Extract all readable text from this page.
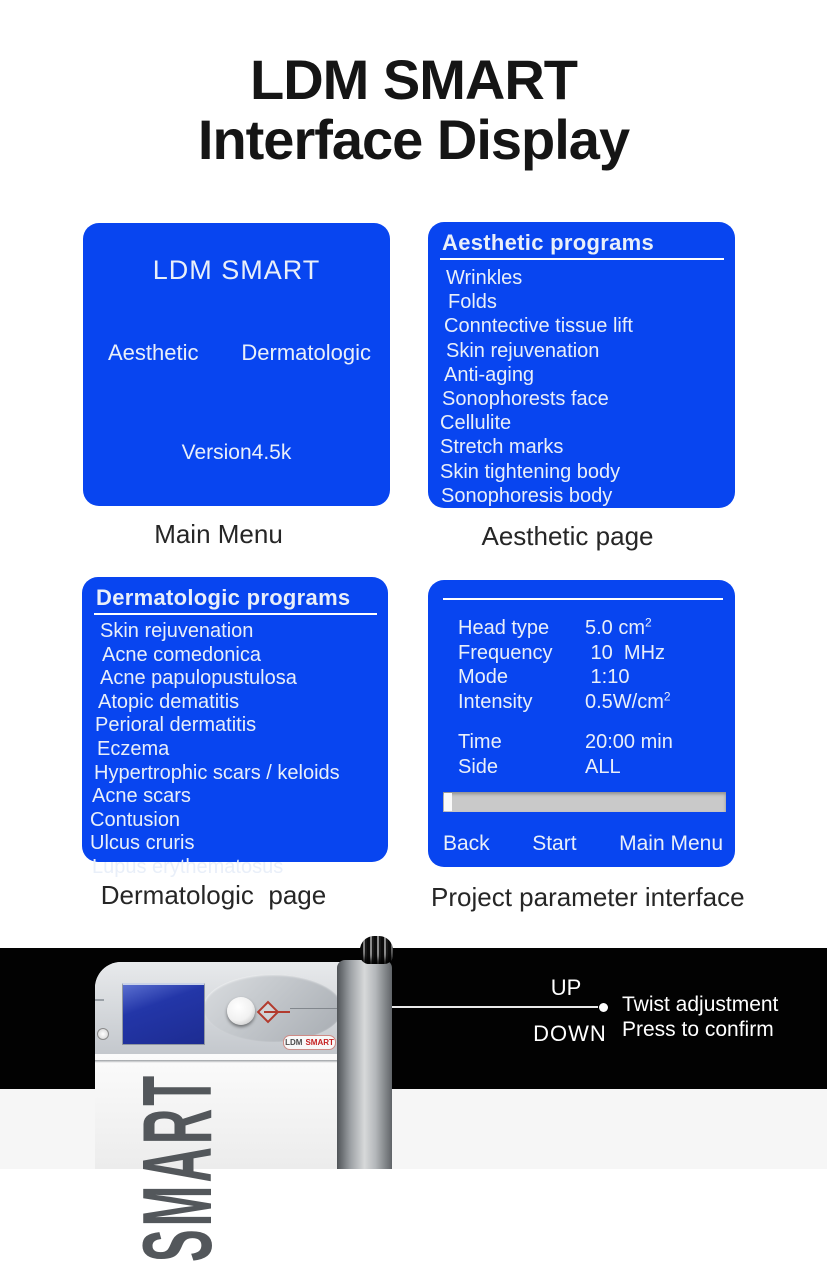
LDM SMART
Interface Display
LDM SMART
Aesthetic Dermatologic
Version4.5k
Main Menu
Aesthetic programs
Wrinkles
Folds
Conntective tissue lift
Skin rejuvenation
Anti-aging
Sonophorests face
Cellulite
Stretch marks
Skin tightening body
Sonophoresis body
Aesthetic page
Dermatologic programs
Skin rejuvenation
Acne comedonica
Acne papulopustulosa
Atopic dematitis
Perioral dermatitis
Eczema
Hypertrophic scars / keloids
Acne scars
Contusion
Ulcus cruris
Lupus erythematosus
Dermatologic  page
Head type	5.0 $cm^2$
Frequency	10  MHz
Mode	1:10
Intensity	$0.5W/cm^2$
Time	20:00 min
Side	ALL
Back Start Main Menu
Project parameter interface
LDM SMART
SMART
UP
DOWN
Twist adjustment
Press to confirm
